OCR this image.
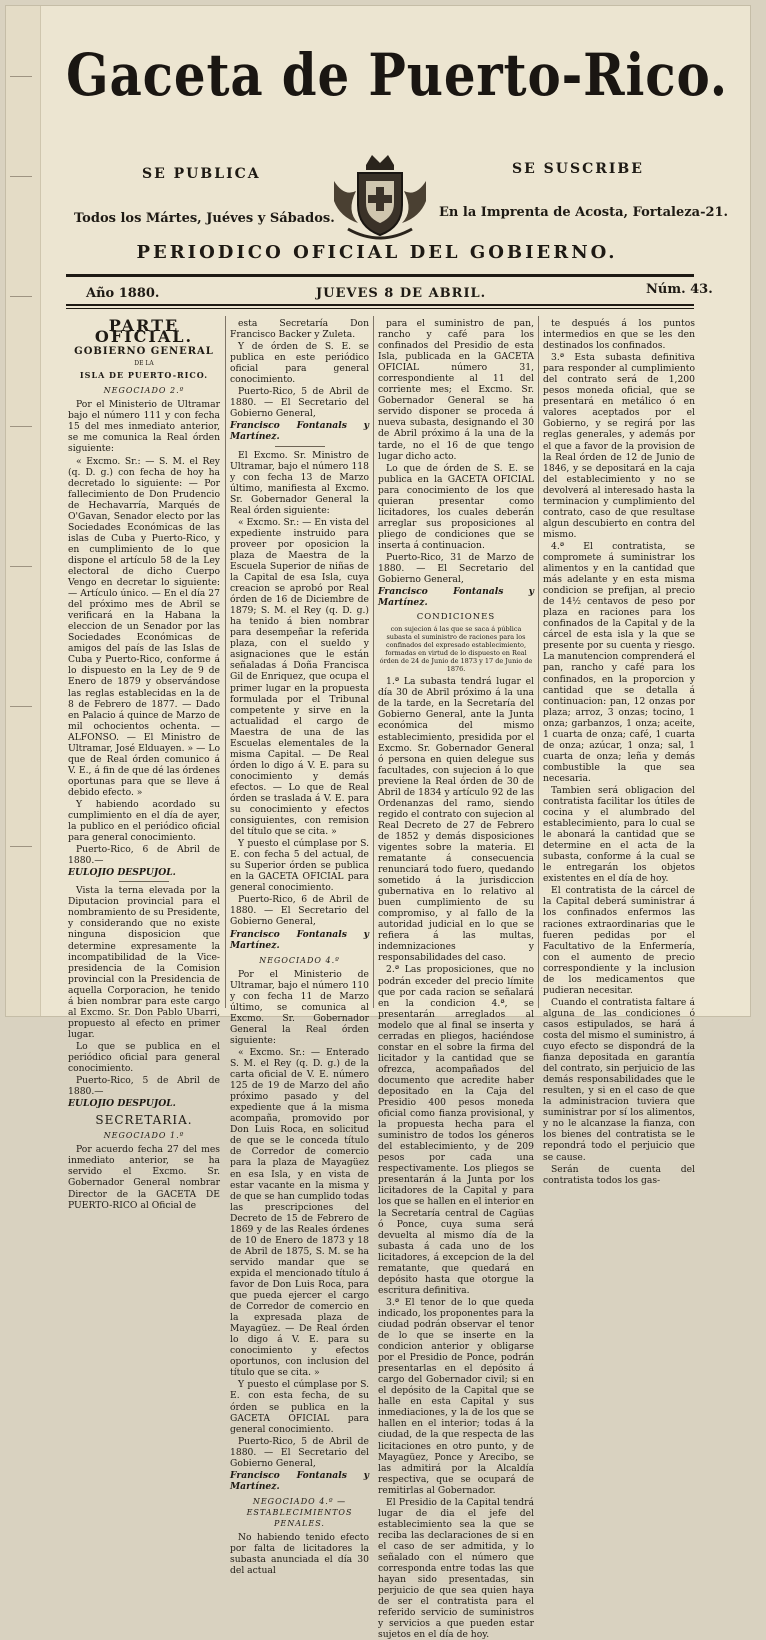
Gaceta de Puerto-Rico.
SE PUBLICA	SE SUSCRIBE
Todos los Mártes, Juéves y Sábados.	En la Imprenta de Acosta, Fortaleza-21.
PERIODICO OFICIAL DEL GOBIERNO.
Año 1880.	JUEVES 8 DE ABRIL.	Núm. 43.
PARTE OFICIAL.
GOBIERNO GENERAL
DE LA
ISLA DE PUERTO-RICO.
NEGOCIADO 2.º

Por el Ministerio de Ultramar bajo el número 111 y con fecha 15 del mes inmediato anterior, se me comunica la Real órden siguiente:

« Excmo. Sr.: — S. M. el Rey (q. D. g.) con fecha de hoy ha decretado lo siguiente: — Por fallecimiento de Don Prudencio de Hechavarría, Marqués de O'Gavan, Senador electo por las Sociedades Económicas de las islas de Cuba y Puerto-Rico, y en cumplimiento de lo que dispone el artículo 58 de la Ley electoral de dicho Cuerpo Vengo en decretar lo siguiente: — Artículo único. — En el día 27 del próximo mes de Abril se verificará en la Habana la eleccion de un Senador por las Sociedades Económicas de amigos del país de las Islas de Cuba y Puerto-Rico, conforme á lo dispuesto en la Ley de 9 de Enero de 1879 y observándose las reglas establecidas en la de 8 de Febrero de 1877. — Dado en Palacio á quince de Marzo de mil ochocientos ochenta. — ALFONSO. — El Ministro de Ultramar, José Elduayen. » — Lo que de Real órden comunico á V. E., á fin de que dé las órdenes oportunas para que se lleve á debido efecto. »

Y habiendo acordado su cumplimiento en el día de ayer, la publico en el periódico oficial para general conocimiento.

Puerto-Rico, 6 de Abril de 1880.—

EULOJIO DESPUJOL.

Vista la terna elevada por la Diputacion provincial para el nombramiento de su Presidente, y considerando que no existe ninguna disposicion que determine expresamente la incompatibilidad de la Vice-presidencia de la Comision provincial con la Presidencia de aquella Corporacion, he tenido á bien nombrar para este cargo al Excmo. Sr. Don Pablo Ubarri, propuesto al efecto en primer lugar.

Lo que se publica en el periódico oficial para general conocimiento.

Puerto-Rico, 5 de Abril de 1880.—

EULOJIO DESPUJOL.

SECRETARIA.
NEGOCIADO 1.º

Por acuerdo fecha 27 del mes inmediato anterior, se ha servido el Excmo. Sr. Gobernador General nombrar Director de la GACETA DE PUERTO-RICO al Oficial de

esta Secretaría Don Francisco Backer y Zuleta.

Y de órden de S. E. se publica en este periódico oficial para general conocimiento.

Puerto-Rico, 5 de Abril de 1880. — El Secretario del Gobierno General,

Francisco Fontanals y Martínez.

El Excmo. Sr. Ministro de Ultramar, bajo el número 118 y con fecha 13 de Marzo último, manifiesta al Excmo. Sr. Gobernador General la Real órden siguiente:

« Excmo. Sr.: — En vista del expediente instruido para proveer por oposicion la plaza de Maestra de la Escuela Superior de niñas de la Capital de esa Isla, cuya creacion se aprobó por Real órden de 16 de Diciembre de 1879; S. M. el Rey (q. D. g.) ha tenido á bien nombrar para desempeñar la referida plaza, con el sueldo y asignaciones que le están señaladas á Doña Francisca Gil de Enriquez, que ocupa el primer lugar en la propuesta formulada por el Tribunal competente y sirve en la actualidad el cargo de Maestra de una de las Escuelas elementales de la misma Capital. — De Real órden lo digo á V. E. para su conocimiento y demás efectos. — Lo que de Real órden se traslada á V. E. para su conocimiento y efectos consiguientes, con remision del título que se cita. »

Y puesto el cúmplase por S. E. con fecha 5 del actual, de su Superior órden se publica en la GACETA OFICIAL para general conocimiento.

Puerto-Rico, 6 de Abril de 1880. — El Secretario del Gobierno General,

Francisco Fontanals y Martínez.

NEGOCIADO 4.º

Por el Ministerio de Ultramar, bajo el número 110 y con fecha 11 de Marzo último, se comunica al Excmo. Sr. Gobernador General la Real órden siguiente:

« Excmo. Sr.: — Enterado S. M. el Rey (q. D. g.) de la carta oficial de V. E. número 125 de 19 de Marzo del año próximo pasado y del expediente que á la misma acompaña, promovido por Don Luis Roca, en solicitud de que se le conceda título de Corredor de comercio para la plaza de Mayagüez en esa Isla, y en vista de estar vacante en la misma y de que se han cumplido todas las prescripciones del Decreto de 15 de Febrero de 1869 y de las Reales órdenes de 10 de Enero de 1873 y 18 de Abril de 1875, S. M. se ha servido mandar que se expida el mencionado título á favor de Don Luis Roca, para que pueda ejercer el cargo de Corredor de comercio en la expresada plaza de Mayagüez. — De Real órden lo digo á V. E. para su conocimiento y efectos oportunos, con inclusion del título que se cita. »

Y puesto el cúmplase por S. E. con esta fecha, de su órden se publica en la GACETA OFICIAL para general conocimiento.

Puerto-Rico, 5 de Abril de 1880. — El Secretario del Gobierno General,

Francisco Fontanals y Martínez.

NEGOCIADO 4.º — ESTABLECIMIENTOS PENALES.

No habiendo tenido efecto por falta de licitadores la subasta anunciada el día 30 del actual

para el suministro de pan, rancho y café para los confinados del Presidio de esta Isla, publicada en la GACETA OFICIAL número 31, correspondiente al 11 del corriente mes; el Excmo. Sr. Gobernador General se ha servido disponer se proceda á nueva subasta, designando el 30 de Abril próximo á la una de la tarde, no el 16 de que tengo lugar dicho acto.

Lo que de órden de S. E. se publica en la GACETA OFICIAL para conocimiento de los que quieran presentar como licitadores, los cuales deberán arreglar sus proposiciones al pliego de condiciones que se inserta á continuacion.

Puerto-Rico, 31 de Marzo de 1880. — El Secretario del Gobierno General,

Francisco Fontanals y Martínez.

CONDICIONES
con sujecion á las que se saca á pública subasta el suministro de raciones para los confinados del expresado establecimiento, formadas en virtud de lo dispuesto en Real órden de 24 de Junio de 1873 y 17 de Junio de 1876.

1.ª La subasta tendrá lugar el día 30 de Abril próximo á la una de la tarde, en la Secretaría del Gobierno General, ante la Junta económica del mismo establecimiento, presidida por el Excmo. Sr. Gobernador General ó persona en quien delegue sus facultades, con sujecion á lo que previene la Real órden de 30 de Abril de 1834 y artículo 92 de las Ordenanzas del ramo, siendo regido el contrato con sujecion al Real Decreto de 27 de Febrero de 1852 y demás disposiciones vigentes sobre la materia. El rematante á consecuencia renunciará todo fuero, quedando sometido á la jurisdiccion gubernativa en lo relativo al buen cumplimiento de su compromiso, y al fallo de la autoridad judicial en lo que se refiera á las multas, indemnizaciones y responsabilidades del caso.

2.ª Las proposiciones, que no podrán exceder del precio límite que por cada racion se señalará en la condicion 4.ª, se presentarán arreglados al modelo que al final se inserta y cerradas en pliegos, haciéndose constar en el sobre la firma del licitador y la cantidad que se ofrezca, acompañados del documento que acredite haber depositado en la Caja del Presidio 400 pesos moneda oficial como fianza provisional, y la propuesta hecha para el suministro de todos los géneros del establecimiento, y de 209 pesos por cada una respectivamente. Los pliegos se presentarán á la Junta por los licitadores de la Capital y para los que se hallen en el interior en la Secretaría central de Cagüas ó Ponce, cuya suma será devuelta al mismo día de la subasta á cada uno de los licitadores, á excepcion de la del rematante, que quedará en depósito hasta que otorgue la escritura definitiva.

3.ª El tenor de lo que queda indicado, los proponentes para la ciudad podrán observar el tenor de lo que se inserte en la condicion anterior y obligarse por el Presidio de Ponce, podrán presentarlas en el depósito á cargo del Gobernador civil; si en el depósito de la Capital que se halle en esta Capital y sus inmediaciones, y la de los que se hallen en el interior; todas á la ciudad, de la que respecta de las licitaciones en otro punto, y de Mayagüez, Ponce y Arecibo, se las admitirá por la Alcaldía respectiva, que se ocupará de remitirlas al Gobernador.

El Presidio de la Capital tendrá lugar de dia el jefe del establecimiento sea la que se reciba las declaraciones de si en el caso de ser admitida, y lo señalado con el número que corresponda entre todas las que hayan sido presentadas, sin perjuicio de que sea quien haya de ser el contratista para el referido servicio de suministros y servicios a que pueden estar sujetos en el día de hoy.

te después á los puntos intermedios en que se les den destinados los confinados.

3.ª Esta subasta definitiva para responder al cumplimiento del contrato será de 1,200 pesos moneda oficial, que se presentará en metálico ó en valores aceptados por el Gobierno, y se regirá por las reglas generales, y además por el que a favor de la provision de la Real órden de 12 de Junio de 1846, y se depositará en la caja del establecimiento y no se devolverá al interesado hasta la terminacion y cumplimiento del contrato, caso de que resultase algun descubierto en contra del mismo.

4.ª El contratista, se compromete á suministrar los alimentos y en la cantidad que más adelante y en esta misma condicion se prefijan, al precio de 14½ centavos de peso por plaza en raciones para los confinados de la Capital y de la cárcel de esta isla y la que se presente por su cuenta y riesgo. La manutencion comprenderá el pan, rancho y café para los confinados, en la proporcion y cantidad que se detalla á continuacion: pan, 12 onzas por plaza; arroz, 3 onzas; tocino, 1 onza; garbanzos, 1 onza; aceite, 1 cuarta de onza; café, 1 cuarta de onza; azúcar, 1 onza; sal, 1 cuarta de onza; leña y demás combustible la que sea necesaria.

Tambien será obligacion del contratista facilitar los útiles de cocina y el alumbrado del establecimiento, para lo cual se le abonará la cantidad que se determine en el acta de la subasta, conforme á la cual se le entregarán los objetos existentes en el día de hoy.

El contratista de la cárcel de la Capital deberá suministrar á los confinados enfermos las raciones extraordinarias que le fueren pedidas por el Facultativo de la Enfermería, con el aumento de precio correspondiente y la inclusion de los medicamentos que pudieran necesitar.

Cuando el contratista faltare á alguna de las condiciones ó casos estipulados, se hará á costa del mismo el suministro, á cuyo efecto se dispondrá de la fianza depositada en garantía del contrato, sin perjuicio de las demás responsabilidades que le resulten, y si en el caso de que la administracion tuviera que suministrar por sí los alimentos, y no le alcanzase la fianza, con los bienes del contratista se le repondrá todo el perjuicio que se cause.

Serán de cuenta del contratista todos los gas-
